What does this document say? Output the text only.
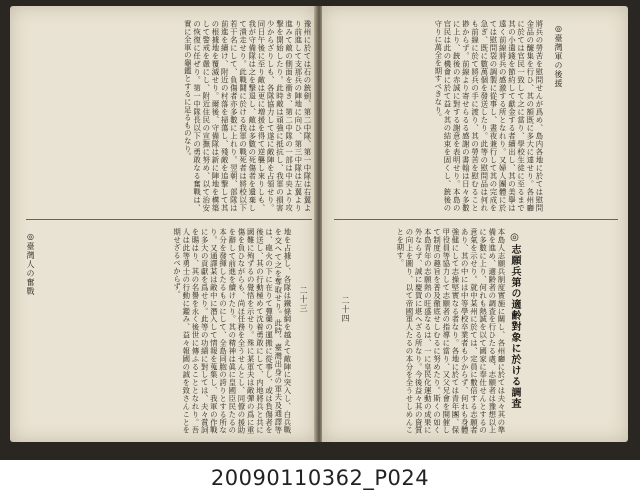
豫州に於ては石の銃劍、第二中隊、第一中隊は右翼より前進して支那兵の陣地に向ひ、第三中隊は左翼より進みて敵の側面を衝き、第二中隊の一部は中央より攻撃を開始したり。此時敵は頑強に抵抗し、我軍の損害少からざりしも、各隊協力して遂に敵陣を占領せり。同日午後に至り敵は更に増援を得て逆襲し來りしも、我が守備隊は之を撃退し、敵は多數の死傷者を遺棄して潰走せり。此戰鬪に於ける我軍の戰死者は將校以下若干名にして、負傷者亦多數に上れり。翌朝、部隊は前進を續け、附近の村落を掃蕩し、殘敵を追撃して其の根據地を覆滅せり。爾後、守備隊は新に陣地を構築して警戒を嚴にし、附近住民の宣撫に努め、以て治安の恢復に任ぜり。第一中隊長以下の勇敢なる奮戰は、實に全軍の龜鑑とするに足るものなり。
◎臺灣人の奮戰	地を占據し、各隊は鐵條網を越えて敵陣に突入し、白兵戰を交へて之を奪取せり。此時、臺灣出身の軍夫及通譯等は、砲火の下に在りて彈藥の運搬に從事し、或は負傷者を後送し、其の行動極めて沈着勇敢にして、内地將兵と共に國難に殉ずるの覺悟を示せり。殊に某軍夫は敵彈の爲に重傷を負ひながらも、尚ほ任務を全うせんとし、同僚の援助を辭して前進を續けたり。其の精神は眞に皇國臣民たるの本分を發揮したるものにして、全島同胞の誇りとする所なり。又通譯某は敵中に潛入して情報を蒐集し、我軍の作戰に多大の貢獻を爲せり。此等の功績に對しては、夫々賞詞を賜はり、其の名譽を永く後世に傳ふることとなれり。吾人は此等勇士の行動に鑑み、益々報國の誠を致さんことを期せざるべからず。
二十三
將兵の勞苦を慰問せんが爲め、島内各地に於ては慰問金品の醵集を行ひ、其の額既に多大に達せり。各州廳に於ては官民一致して之に當り、學校生徒に至るまで其の小遣錢を節約して獻金する者續出し、其の美擧は遠く前線將兵の感激する所となれり。又婦人團體に於ては慰問袋の調製に從事し、晝夜兼行して其の完成を急ぎ、既に數萬個を發送したり。此等の慰問品は何れも前線に於て將兵の手に渡り、其の勞苦を慰むること尠からず。前線より寄せらるる感謝の書翰は日々多數に上り、銃後の赤誠に對する謝意を表明せり。本島の官民は此の機會に於て益々其の結束を固くし、銃後の守りに萬全を期すべきなり。	◎臺灣軍の後援
本島人志願兵制度實施に關し、各州廳に於ては夫々其の準備を進め、適齢者の調査を行ひたる處、志願者は豫想以上に多數に上り、何れも熱誠を以て國家に奉仕せんとするの意氣を示せり。就中某州に於ては、定員に數倍する志願者あり、其の中には中等學校卒業者も少からず、何れも身體強健にして志操堅實なる者なり。各地に於ては青年團、保甲役員等協力して志願者の指導に當り、又父兄會を開催して制度の趣旨を普及徹底せしむるに努めたり。斯くの如く本島青年の志願熱の旺盛なるは、一に皇民化運動の成果に外ならず、誠に慶賀に堪へざる所なり。今後益々其の資質の向上を圖り、以て帝國軍人たるの本分を全うせしめんことを期す。	◎志願兵第の適齢對象に於ける調査
二十四
20090110362_P024
